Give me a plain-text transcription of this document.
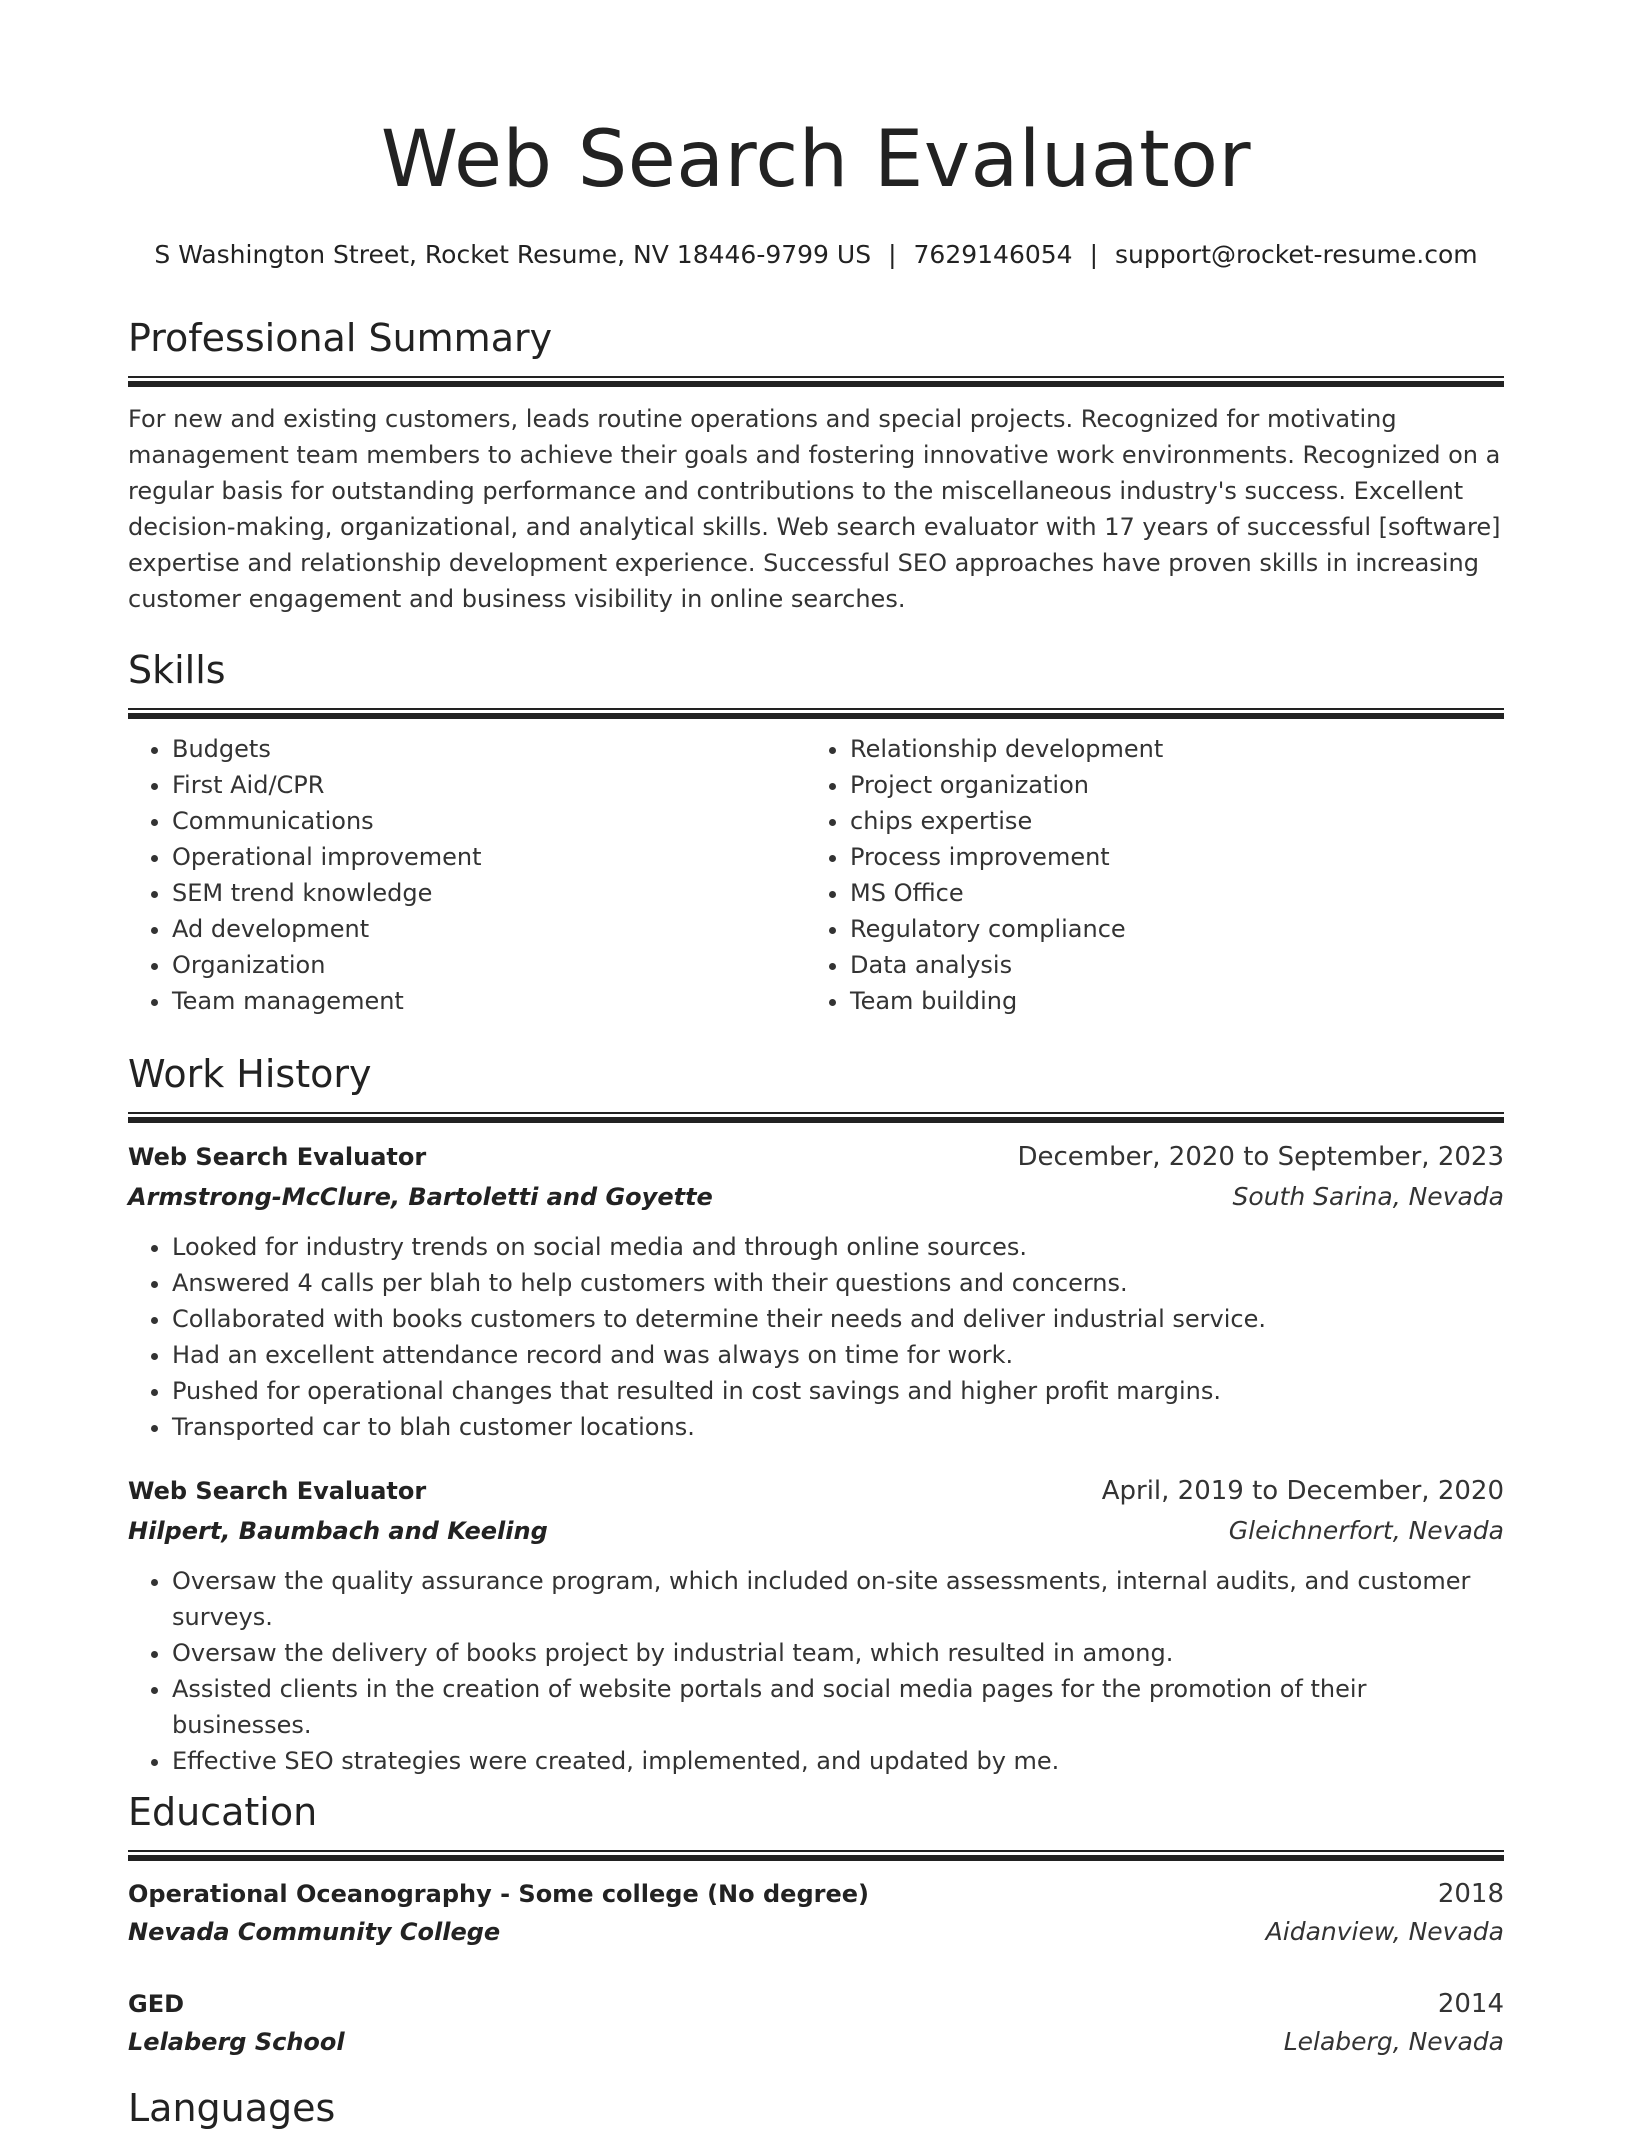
Web Search Evaluator
S Washington Street, Rocket Resume, NV 18446-9799 US | 7629146054 | support@rocket-resume.com
Professional Summary
For new and existing customers, leads routine operations and special projects. Recognized for motivating management team members to achieve their goals and fostering innovative work environments. Recognized on a regular basis for outstanding performance and contributions to the miscellaneous industry's success. Excellent decision-making, organizational, and analytical skills. Web search evaluator with 17 years of successful [software] expertise and relationship development experience. Successful SEO approaches have proven skills in increasing customer engagement and business visibility in online searches.
Skills
• Budgets
• First Aid/CPR
• Communications
• Operational improvement
• SEM trend knowledge
• Ad development
• Organization
• Team management
• Relationship development
• Project organization
• chips expertise
• Process improvement
• MS Office
• Regulatory compliance
• Data analysis
• Team building
Work History
Web Search Evaluator	December, 2020 to September, 2023
Armstrong-McClure, Bartoletti and Goyette	South Sarina, Nevada
• Looked for industry trends on social media and through online sources.
• Answered 4 calls per blah to help customers with their questions and concerns.
• Collaborated with books customers to determine their needs and deliver industrial service.
• Had an excellent attendance record and was always on time for work.
• Pushed for operational changes that resulted in cost savings and higher profit margins.
• Transported car to blah customer locations.
Web Search Evaluator	April, 2019 to December, 2020
Hilpert, Baumbach and Keeling	Gleichnerfort, Nevada
• Oversaw the quality assurance program, which included on-site assessments, internal audits, and customer surveys.
• Oversaw the delivery of books project by industrial team, which resulted in among.
• Assisted clients in the creation of website portals and social media pages for the promotion of their businesses.
• Effective SEO strategies were created, implemented, and updated by me.
Education
Operational Oceanography - Some college (No degree)	2018
Nevada Community College	Aidanview, Nevada
GED	2014
Lelaberg School	Lelaberg, Nevada
Languages
